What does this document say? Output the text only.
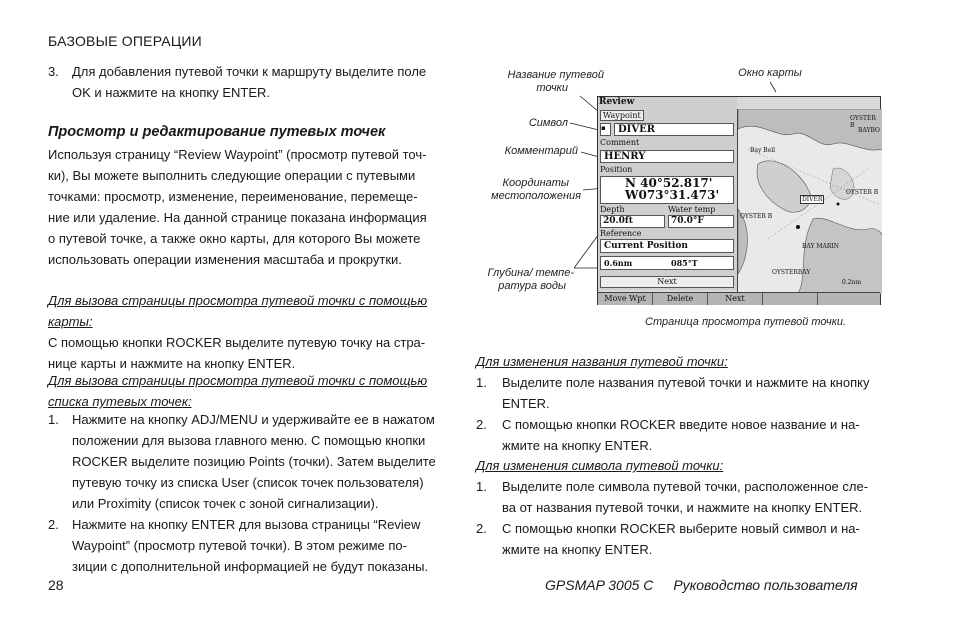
БАЗОВЫЕ ОПЕРАЦИИ
3. Для добавления путевой точки к маршруту выделите поле
OK и нажмите на кнопку ENTER.
Просмотр и редактирование путевых точек
Используя страницу “Review Waypoint” (просмотр путевой точ-
ки), Вы можете выполнить следующие операции с путевыми
точками: просмотр, изменение, переименование, перемеще-
ние или удаление. На данной странице показана информация
о путевой точке, а также окно карты, для которого Вы можете
использовать операции изменения масштаба и прокрутки.
Для вызова страницы просмотра путевой точки с помощью карты:
С помощью кнопки ROCKER выделите путевую точку на стра-
нице карты и нажмите на кнопку ENTER.
Для вызова страницы просмотра путевой точки с помощью
списка путевых точек:
1. Нажмите на кнопку ADJ/MENU и удерживайте ее в нажатом
положении для вызова главного меню. С помощью кнопки
ROCKER выделите позицию Points (точки). Затем выделите
путевую точку из списка User (список точек пользователя)
или Proximity (список точек с зоной сигнализации).
2. Нажмите на кнопку ENTER для вызова страницы “Review
Waypoint” (просмотр путевой точки). В этом режиме по-
зиции с дополнительной информацией не будут показаны.
Название путевой
точки
Окно карты
Символ
Комментарий
Координаты
местоположения
Глубина/ темпе-
ратура воды
Review
Waypoint
▪	DIVER
Comment
HENRY
Position
N 40°52.817'
W073°31.473'
Depth	Water temp
20.0ft	70.0°F
Reference
Current Position
0.6nm	085°T
Next
OYSTER B
BAYBO
Bay Bell
DIVER
OYSTER B
OYSTER B
BAY MARIN
OYSTERBAY
0.2nm
Move Wpt	Delete	Next
Страница просмотра путевой точки.
Для изменения названия путевой точки:
1. Выделите поле названия путевой точки и нажмите на кнопку
ENTER.
2. С помощью кнопки ROCKER введите новое название и на-
жмите на кнопку ENTER.
Для изменения символа путевой точки:
1. Выделите поле символа путевой точки, расположенное сле-
ва от названия путевой точки, и нажмите на кнопку ENTER.
2. С помощью кнопки ROCKER выберите новый символ и на-
жмите на кнопку ENTER.
28	GPSMAP 3005 C Руководство пользователя
